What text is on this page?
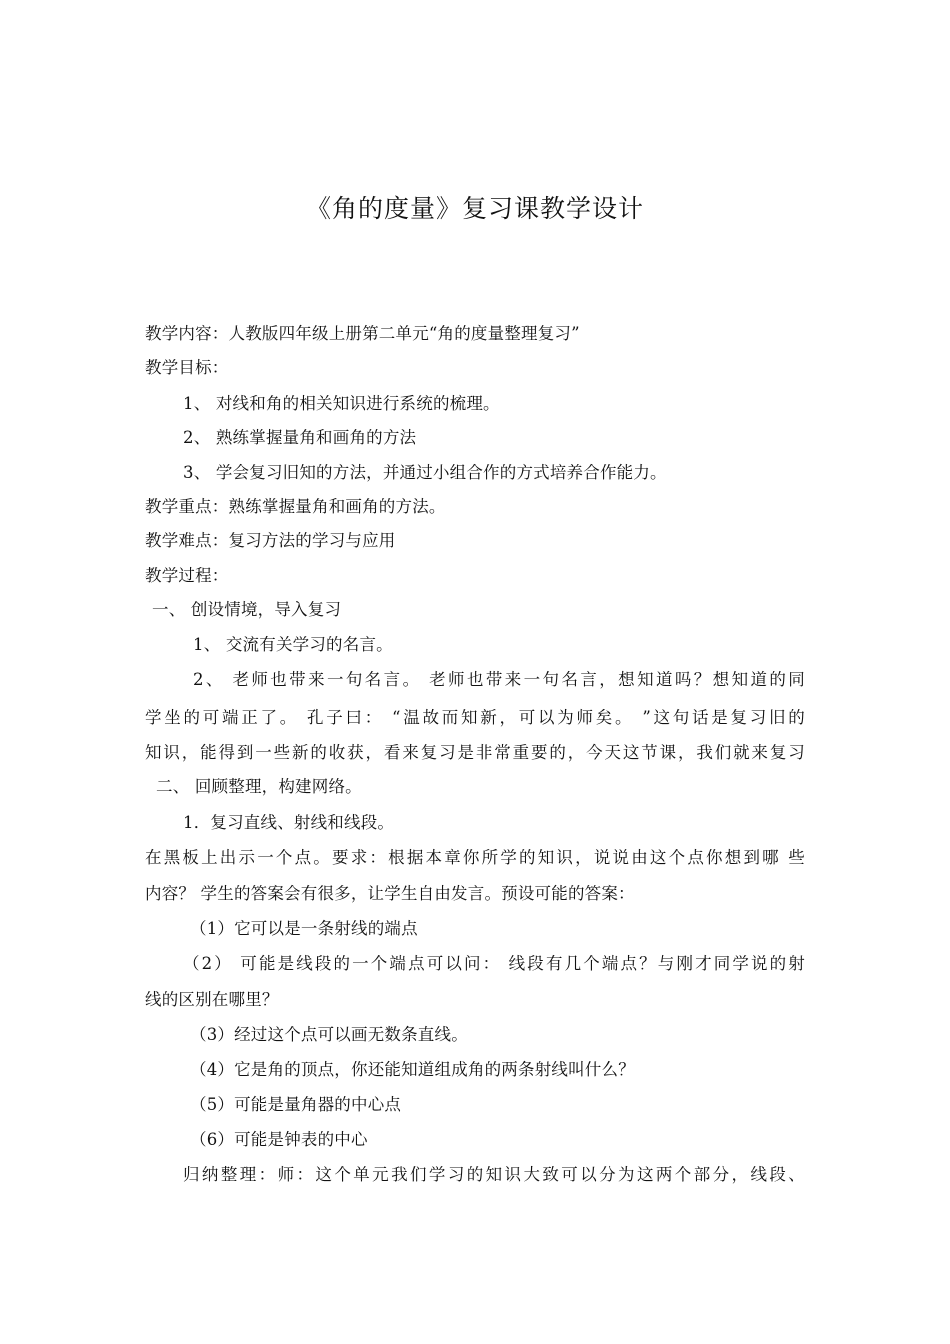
《角的度量》复习课教学设计
教学内容：人教版四年级上册第二单元“角的度量整理复习”
教学目标：
1、 对线和角的相关知识进行系统的梳理。
2、 熟练掌握量角和画角的方法
3、 学会复习旧知的方法，并通过小组合作的方式培养合作能力。
教学重点：熟练掌握量角和画角的方法。
教学难点：复习方法的学习与应用
教学过程：
一、 创设情境，导入复习
1、 交流有关学习的名言。
2、 老师也带来一句名言。 老师也带来一句名言，想知道吗？想知道的同
学坐的可端正了。 孔子曰： “温故而知新，可以为师矣。 ”这句话是复习旧的
知识，能得到一些新的收获，看来复习是非常重要的，今天这节课，我们就来复习
二、 回顾整理，构建网络。
1．复习直线、射线和线段。
在黑板上出示一个点。要求：根据本章你所学的知识，说说由这个点你想到哪 些
内容？ 学生的答案会有很多，让学生自由发言。预设可能的答案：
（1）它可以是一条射线的端点
（2） 可能是线段的一个端点可以问： 线段有几个端点？与刚才同学说的射
线的区别在哪里？
（3）经过这个点可以画无数条直线。
（4）它是角的顶点，你还能知道组成角的两条射线叫什么？
（5）可能是量角器的中心点
（6）可能是钟表的中心
归纳整理：师：这个单元我们学习的知识大致可以分为这两个部分，线段、
